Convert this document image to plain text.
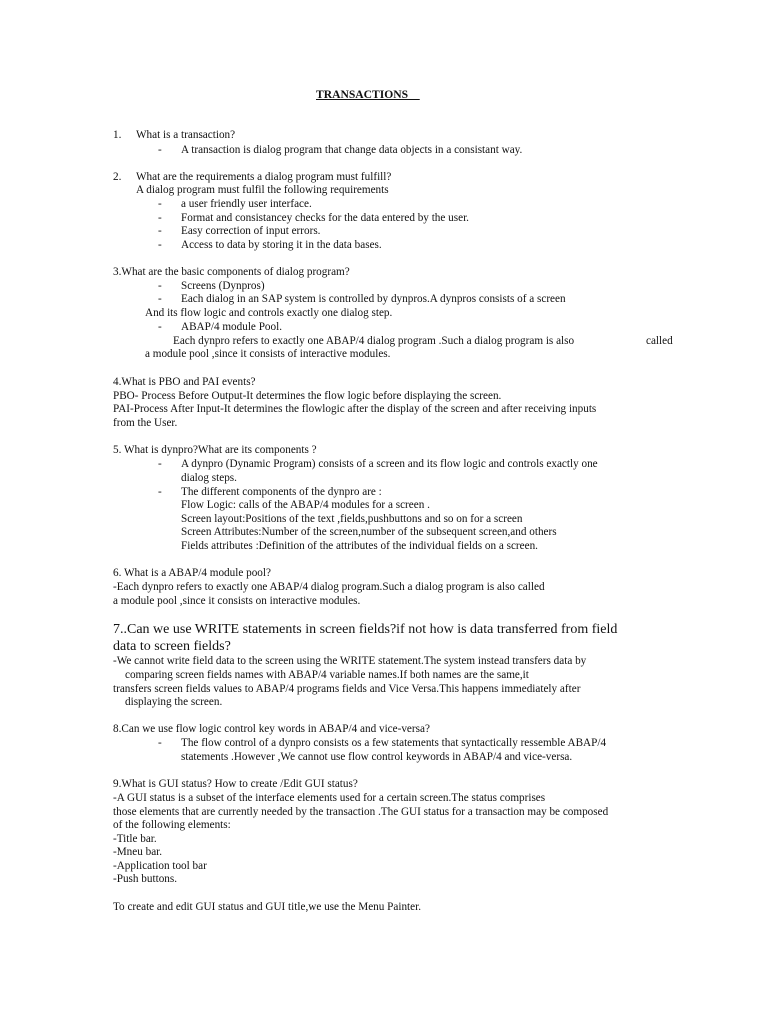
TRANSACTIONS
1. What is a transaction?
- A transaction is dialog program that change data objects in a consistant way.
2. What are the requirements a dialog program must fulfill?
A dialog program must fulfil the following requirements
- a user friendly user interface.
- Format and consistancey checks for the data entered by the user.
- Easy correction of input errors.
- Access to data by storing it in the data bases.
3.What are the basic components of dialog program?
- Screens (Dynpros)
- Each dialog in an SAP system is controlled by dynpros.A dynpros consists of a screen
And its flow logic and controls exactly one dialog step.
- ABAP/4 module Pool.
Each dynpro refers to exactly one ABAP/4 dialog program .Such a dialog program is also	called
a module pool ,since it consists of interactive modules.
4.What is PBO and PAI events?
PBO- Process Before Output-It determines the flow logic before displaying the screen.
PAI-Process After Input-It determines the flowlogic after the display of the screen and after receiving inputs
from the User.
5. What is dynpro?What are its components ?
- A dynpro (Dynamic Program) consists of a screen and its flow logic and controls exactly one
dialog steps.
- The different components of the dynpro are :
Flow Logic: calls of the ABAP/4 modules for a screen .
Screen layout:Positions of the text ,fields,pushbuttons and so on for a screen
Screen Attributes:Number of the screen,number of the subsequent screen,and others
Fields attributes :Definition of the attributes of the individual fields on a screen.
6. What is a ABAP/4 module pool?
-Each dynpro refers to exactly one ABAP/4 dialog program.Such a dialog program is also called
a module pool ,since it consists on interactive modules.
7..Can we use WRITE statements in screen fields?if not how is data transferred from field
data to screen fields?
-We cannot write field data to the screen using the WRITE statement.The system instead transfers data by
comparing screen fields names with ABAP/4 variable names.If both names are the same,it
transfers screen fields values to ABAP/4 programs fields and Vice Versa.This happens immediately after
displaying the screen.
8.Can we use flow logic control key words in ABAP/4 and vice-versa?
- The flow control of a dynpro consists os a few statements that syntactically ressemble ABAP/4
statements .However ,We cannot use flow control keywords in ABAP/4 and vice-versa.
9.What is GUI status? How to create /Edit GUI status?
-A GUI status is a subset of the interface elements used for a certain screen.The status comprises
those elements that are currently needed by the transaction .The GUI status for a transaction may be composed
of the following elements:
-Title bar.
-Mneu bar.
-Application tool bar
-Push buttons.
To create and edit GUI status and GUI title,we use the Menu Painter.
